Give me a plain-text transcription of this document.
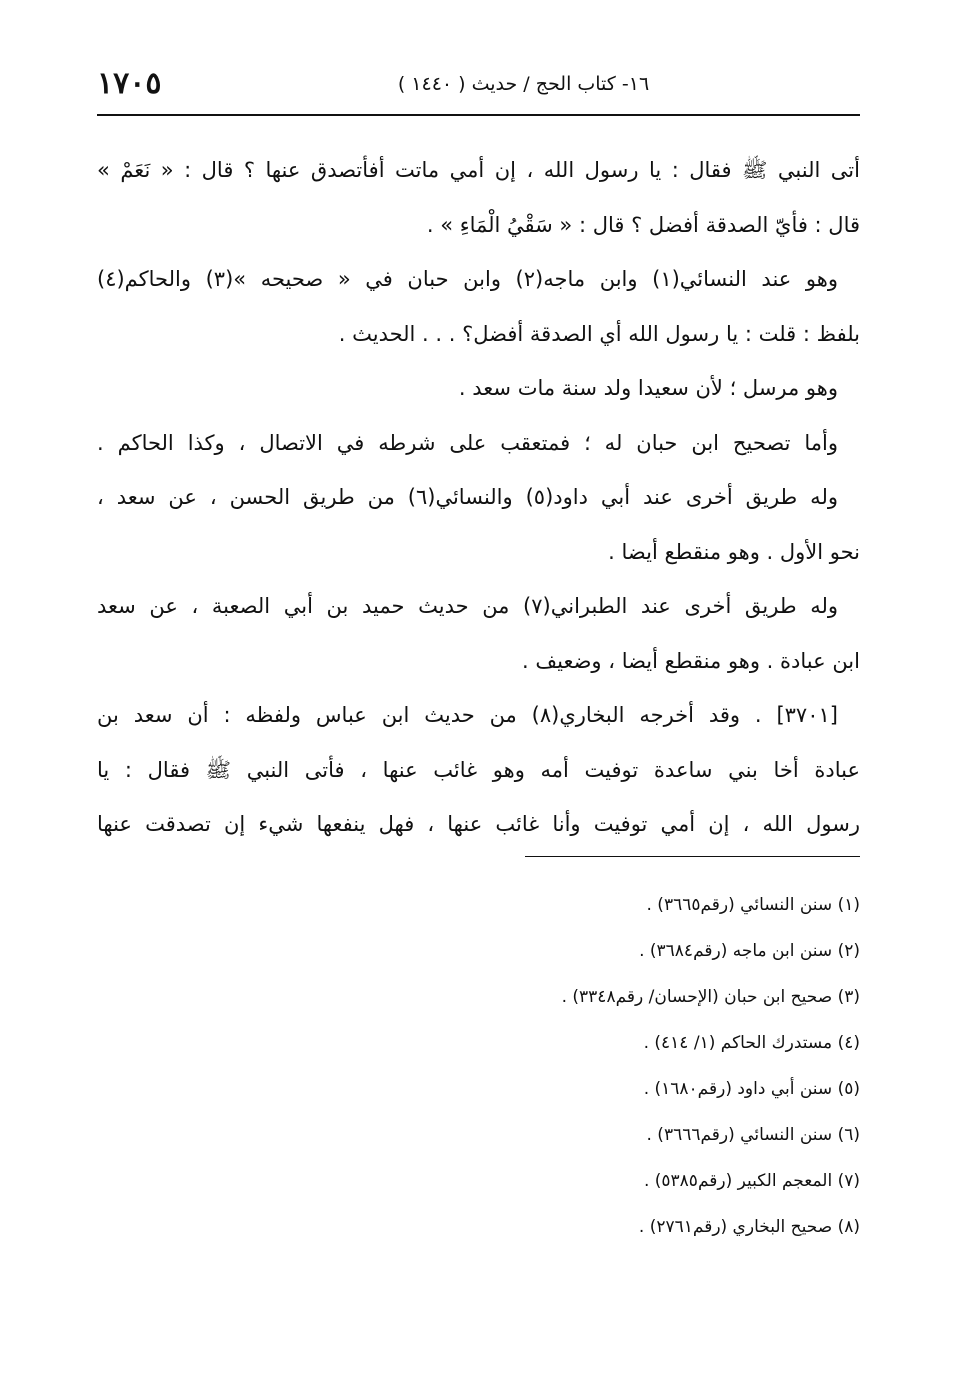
١٧٠٥	١٦- كتاب الحج / حديث ( ١٤٤٠ )
أتى النبي ﷺ فقال : يا رسول الله ، إن أمي ماتت أفأتصدق عنها ؟ قال : « نَعَمْ »
قال : فأيّ الصدقة أفضل ؟ قال : « سَقْيُ الْمَاءِ » .
وهو عند النسائي(١) وابن ماجه(٢) وابن حبان في « صحيحه »(٣) والحاكم(٤)
بلفظ : قلت : يا رسول الله أي الصدقة أفضل؟ . . . الحديث .
وهو مرسل ؛ لأن سعيدا ولد سنة مات سعد .
وأما تصحيح ابن حبان له ؛ فمتعقب على شرطه في الاتصال ، وكذا الحاكم .
وله طريق أخرى عند أبي داود(٥) والنسائي(٦) من طريق الحسن ، عن سعد ،
نحو الأول . وهو منقطع أيضا .
وله طريق أخرى عند الطبراني(٧) من حديث حميد بن أبي الصعبة ، عن سعد
ابن عبادة . وهو منقطع أيضا ، وضعيف .
[٣٧٠١] . وقد أخرجه البخاري(٨) من حديث ابن عباس ولفظه : أن سعد بن
عبادة أخا بني ساعدة توفيت أمه وهو غائب عنها ، فأتى النبي ﷺ فقال : يا
رسول الله ، إن أمي توفيت وأنا غائب عنها ، فهل ينفعها شيء إن تصدقت عنها
(١) سنن النسائي (رقم٣٦٦٥) .
(٢) سنن ابن ماجه (رقم٣٦٨٤) .
(٣) صحيح ابن حبان (الإحسان/ رقم٣٣٤٨) .
(٤) مستدرك الحاكم (١/ ٤١٤) .
(٥) سنن أبي داود (رقم١٦٨٠) .
(٦) سنن النسائي (رقم٣٦٦٦) .
(٧) المعجم الكبير (رقم٥٣٨٥) .
(٨) صحيح البخاري (رقم٢٧٦١) .
